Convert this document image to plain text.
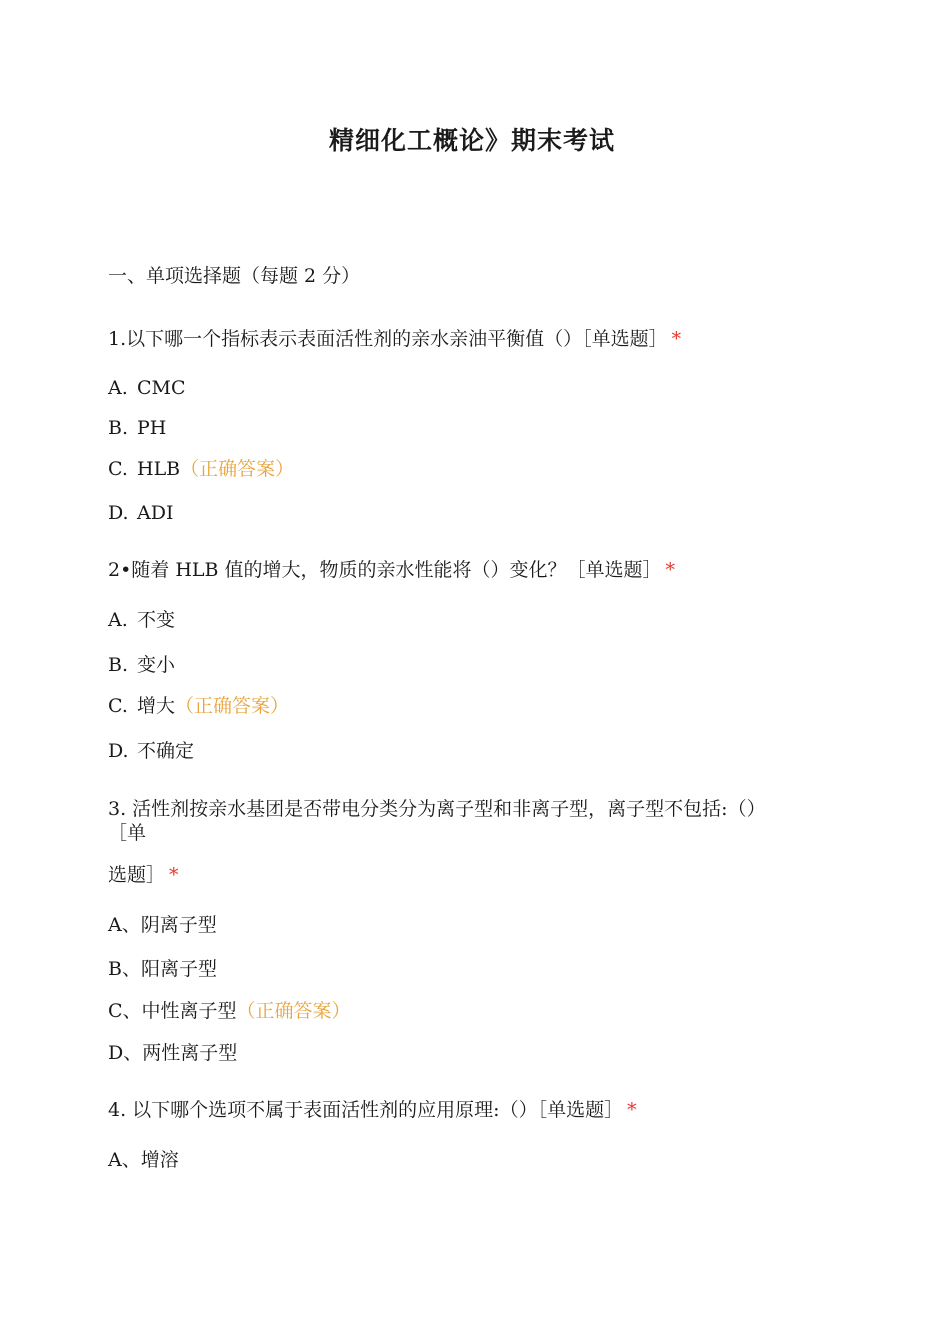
精细化工概论》期末考试
一、单项选择题（每题 2 分）
1.以下哪一个指标表示表面活性剂的亲水亲油平衡值（）［单选题］ *
A. CMC
B. PH
C. HLB（正确答案）
D. ADI
2•随着 HLB 值的增大，物质的亲水性能将（）变化？［单选题］ *
A. 不变
B. 变小
C. 增大（正确答案）
D. 不确定
3. 活性剂按亲水基团是否带电分类分为离子型和非离子型，离子型不包括:（）
［单
选题］ *
A、阴离子型
B、阳离子型
C、中性离子型（正确答案）
D、两性离子型
4. 以下哪个选项不属于表面活性剂的应用原理:（）［单选题］ *
A、增溶
